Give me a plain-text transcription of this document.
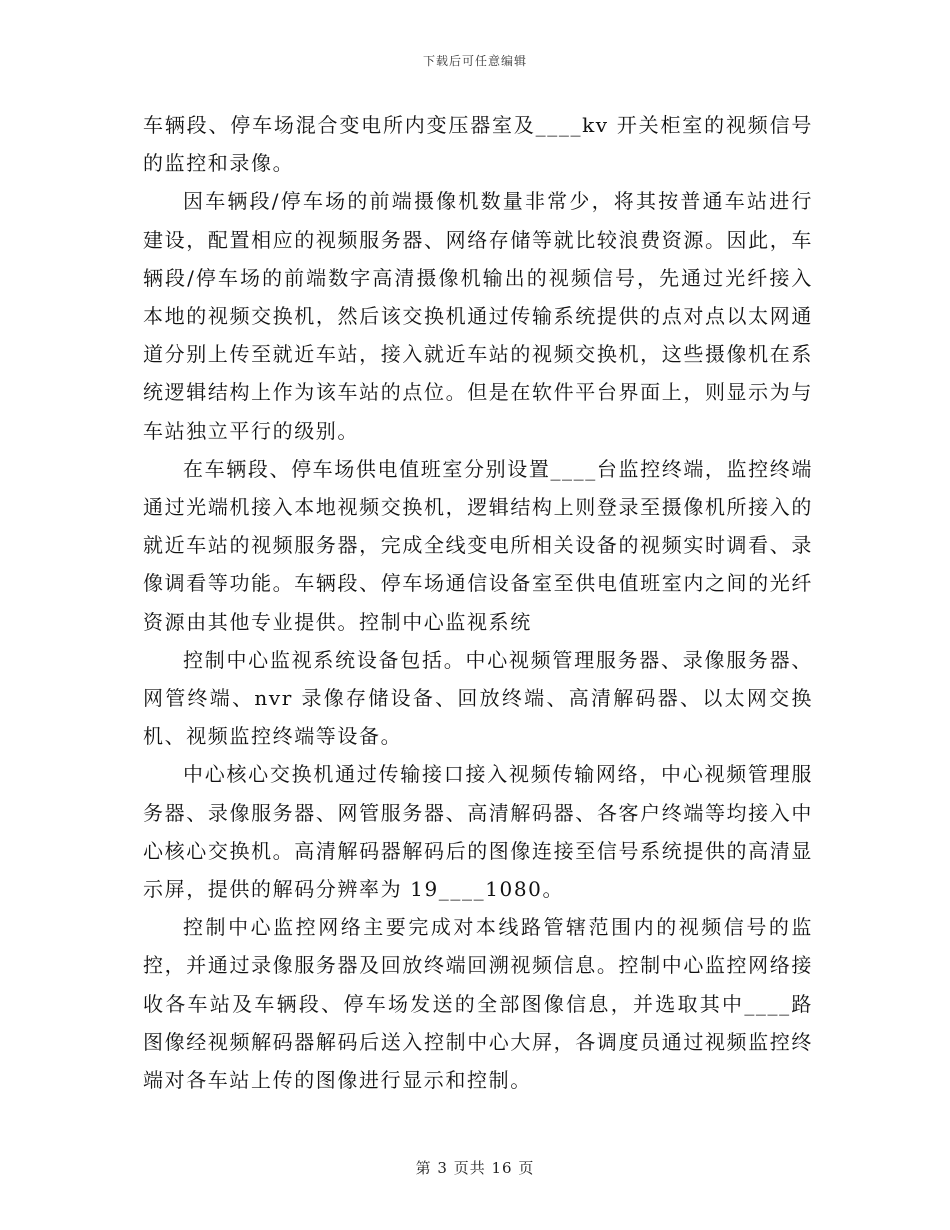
下载后可任意编辑

车辆段、停车场混合变电所内变压器室及____kv 开关柜室的视频信号的监控和录像。

因车辆段/停车场的前端摄像机数量非常少，将其按普通车站进行建设，配置相应的视频服务器、网络存储等就比较浪费资源。因此，车辆段/停车场的前端数字高清摄像机输出的视频信号，先通过光纤接入本地的视频交换机，然后该交换机通过传输系统提供的点对点以太网通道分别上传至就近车站，接入就近车站的视频交换机，这些摄像机在系统逻辑结构上作为该车站的点位。但是在软件平台界面上，则显示为与车站独立平行的级别。

在车辆段、停车场供电值班室分别设置____台监控终端，监控终端通过光端机接入本地视频交换机，逻辑结构上则登录至摄像机所接入的就近车站的视频服务器，完成全线变电所相关设备的视频实时调看、录像调看等功能。车辆段、停车场通信设备室至供电值班室内之间的光纤资源由其他专业提供。控制中心监视系统

控制中心监视系统设备包括。中心视频管理服务器、录像服务器、网管终端、nvr 录像存储设备、回放终端、高清解码器、以太网交换机、视频监控终端等设备。

中心核心交换机通过传输接口接入视频传输网络，中心视频管理服务器、录像服务器、网管服务器、高清解码器、各客户终端等均接入中心核心交换机。高清解码器解码后的图像连接至信号系统提供的高清显示屏，提供的解码分辨率为 19____1080。

控制中心监控网络主要完成对本线路管辖范围内的视频信号的监控，并通过录像服务器及回放终端回溯视频信息。控制中心监控网络接收各车站及车辆段、停车场发送的全部图像信息，并选取其中____路图像经视频解码器解码后送入控制中心大屏，各调度员通过视频监控终端对各车站上传的图像进行显示和控制。

第 3 页共 16 页
